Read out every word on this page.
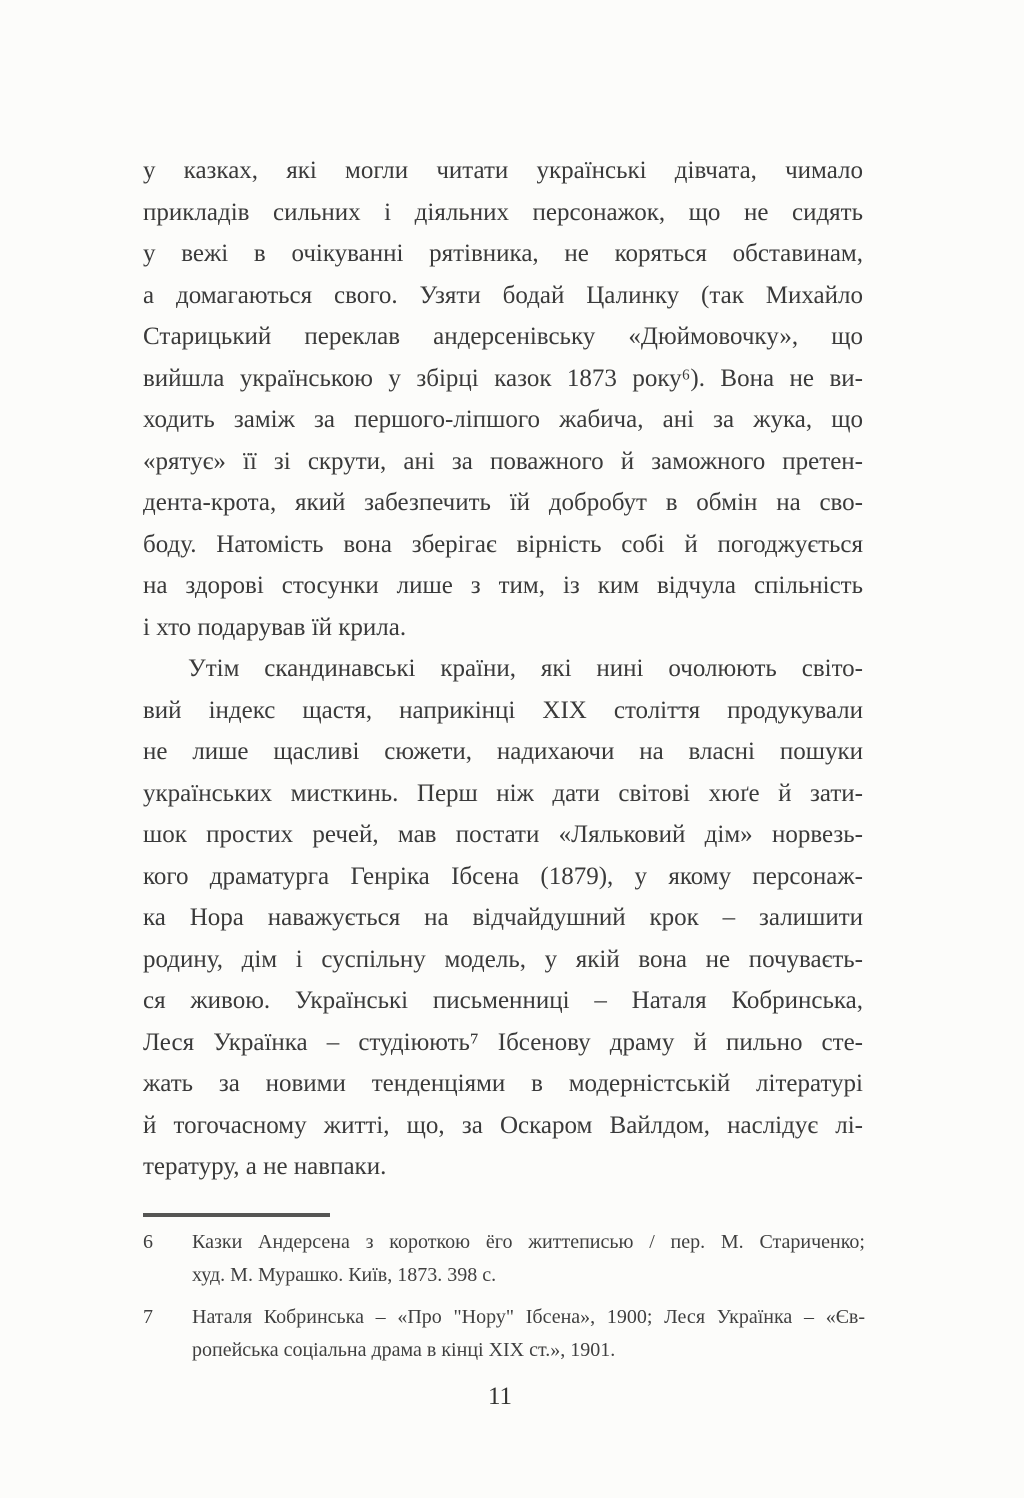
у казках, які могли читати українські дівчата, чимало
прикладів сильних і діяльних персонажок, що не сидять
у вежі в очікуванні рятівника, не коряться обставинам,
а домагаються свого. Узяти бодай Цалинку (так Михайло
Старицький переклав андерсенівську «Дюймовочку», що
вийшла українською у збірці казок 1873 року⁶). Вона не ви-
ходить заміж за першого-ліпшого жабича, ані за жука, що
«рятує» її зі скрути, ані за поважного й заможного претен-
дента-крота, який забезпечить їй добробут в обмін на сво-
боду. Натомість вона зберігає вірність собі й погоджується
на здорові стосунки лише з тим, із ким відчула спільність
і хто подарував їй крила.
Утім скандинавські країни, які нині очолюють світо-
вий індекс щастя, наприкінці XIX століття продукували
не лише щасливі сюжети, надихаючи на власні пошуки
українських мисткинь. Перш ніж дати світові хюґе й зати-
шок простих речей, мав постати «Ляльковий дім» норвезь-
кого драматурга Генріка Ібсена (1879), у якому персонаж-
ка Нора наважується на відчайдушний крок – залишити
родину, дім і суспільну модель, у якій вона не почуваєть-
ся живою. Українські письменниці – Наталя Кобринська,
Леся Українка – студіюють⁷ Ібсенову драму й пильно сте-
жать за новими тенденціями в модерністській літературі
й тогочасному житті, що, за Оскаром Вайлдом, наслідує лі-
тературу, а не навпаки.
6	Казки Андерсена з короткою ёго життеписью / пер. М. Стариченко;
худ. М. Мурашко. Київ, 1873. 398 с.
7	Наталя Кобринська – «Про "Нору" Ібсена», 1900; Леся Українка – «Єв-
ропейська соціальна драма в кінці XIX ст.», 1901.
11
